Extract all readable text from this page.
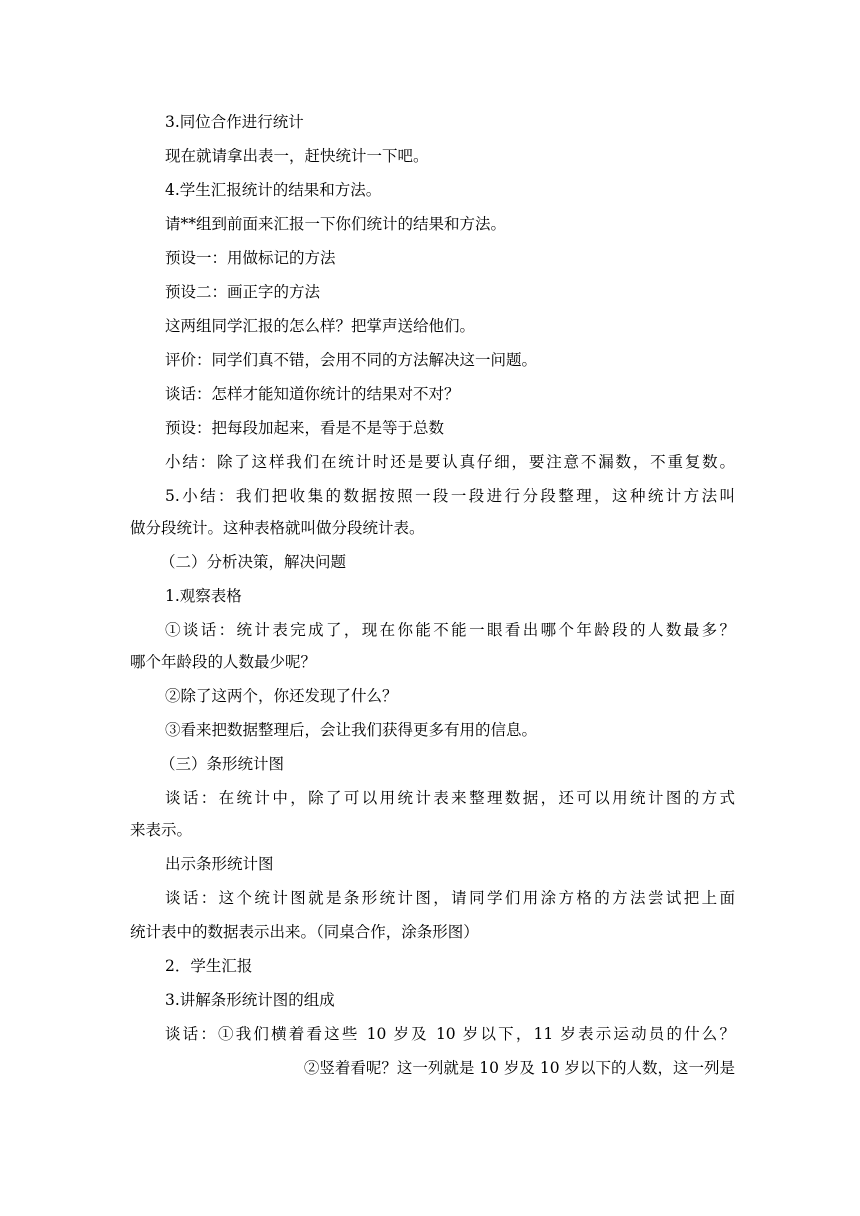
3.同位合作进行统计
现在就请拿出表一，赶快统计一下吧。
4.学生汇报统计的结果和方法。
请**组到前面来汇报一下你们统计的结果和方法。
预设一：用做标记的方法
预设二：画正字的方法
这两组同学汇报的怎么样？把掌声送给他们。
评价：同学们真不错，会用不同的方法解决这一问题。
谈话：怎样才能知道你统计的结果对不对？
预设：把每段加起来，看是不是等于总数
小结：除了这样我们在统计时还是要认真仔细，要注意不漏数，不重复数。
5.小结：我们把收集的数据按照一段一段进行分段整理，这种统计方法叫
做分段统计。这种表格就叫做分段统计表。
（二）分析决策，解决问题
1.观察表格
①谈话：统计表完成了，现在你能不能一眼看出哪个年龄段的人数最多？
哪个年龄段的人数最少呢？
②除了这两个，你还发现了什么？
③看来把数据整理后，会让我们获得更多有用的信息。
（三）条形统计图
谈话：在统计中，除了可以用统计表来整理数据，还可以用统计图的方式
来表示。
出示条形统计图
谈话：这个统计图就是条形统计图，请同学们用涂方格的方法尝试把上面
统计表中的数据表示出来。（同桌合作，涂条形图）
2．学生汇报
3.讲解条形统计图的组成
谈话：①我们横着看这些 10 岁及 10 岁以下，11 岁表示运动员的什么？
②竖着看呢？这一列就是 10 岁及 10 岁以下的人数，这一列是
